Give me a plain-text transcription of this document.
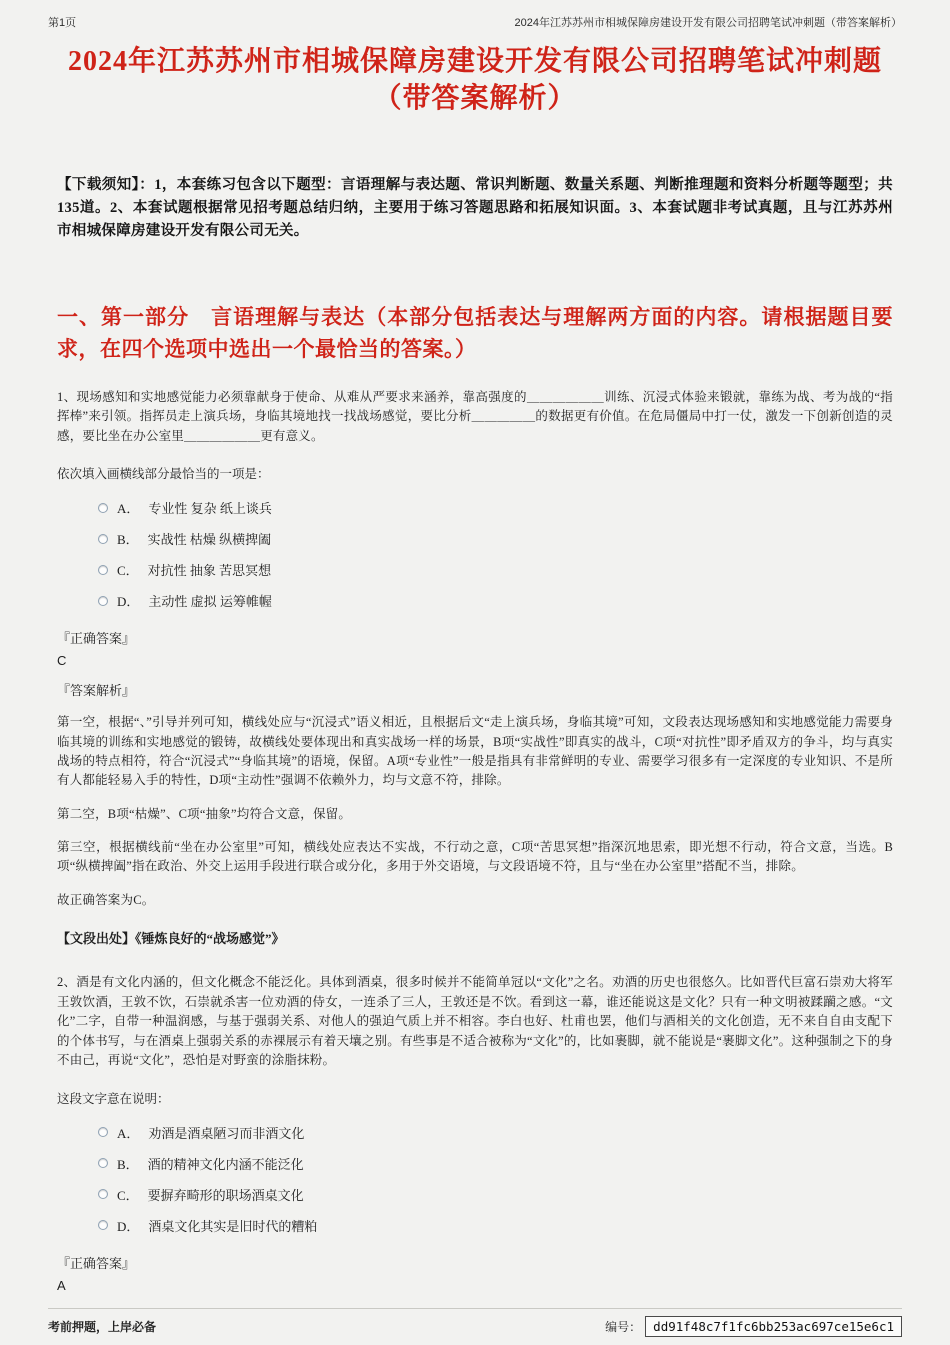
第1页	2024年江苏苏州市相城保障房建设开发有限公司招聘笔试冲刺题（带答案解析）
2024年江苏苏州市相城保障房建设开发有限公司招聘笔试冲刺题（带答案解析）

【下载须知】：1，本套练习包含以下题型：言语理解与表达题、常识判断题、数量关系题、判断推理题和资料分析题等题型；共135道。2、本套试题根据常见招考题总结归纳，主要用于练习答题思路和拓展知识面。3、本套试题非考试真题，且与江苏苏州市相城保障房建设开发有限公司无关。

一、第一部分　言语理解与表达（本部分包括表达与理解两方面的内容。请根据题目要求，在四个选项中选出一个最恰当的答案。）

1、现场感知和实地感觉能力必须靠献身于使命、从难从严要求来涵养，靠高强度的＿＿＿＿＿＿训练、沉浸式体验来锻就，靠练为战、考为战的“指挥棒”来引领。指挥员走上演兵场，身临其境地找一找战场感觉，要比分析＿＿＿＿＿的数据更有价值。在危局僵局中打一仗，激发一下创新创造的灵感，要比坐在办公室里＿＿＿＿＿＿更有意义。

依次填入画横线部分最恰当的一项是：

A． 专业性 复杂 纸上谈兵
B． 实战性 枯燥 纵横捭阖
C． 对抗性 抽象 苦思冥想
D． 主动性 虚拟 运筹帷幄

『正确答案』

C

『答案解析』

第一空，根据“、”引导并列可知，横线处应与“沉浸式”语义相近，且根据后文“走上演兵场，身临其境”可知，文段表达现场感知和实地感觉能力需要身临其境的训练和实地感觉的锻铸，故横线处要体现出和真实战场一样的场景，B项“实战性”即真实的战斗，C项“对抗性”即矛盾双方的争斗，均与真实战场的特点相符，符合“沉浸式”“身临其境”的语境，保留。A项“专业性”一般是指具有非常鲜明的专业、需要学习很多有一定深度的专业知识、不是所有人都能轻易入手的特性，D项“主动性”强调不依赖外力，均与文意不符，排除。

第二空，B项“枯燥”、C项“抽象”均符合文意，保留。

第三空，根据横线前“坐在办公室里”可知，横线处应表达不实战，不行动之意，C项“苦思冥想”指深沉地思索，即光想不行动，符合文意，当选。B项“纵横捭阖”指在政治、外交上运用手段进行联合或分化，多用于外交语境，与文段语境不符，且与“坐在办公室里”搭配不当，排除。

故正确答案为C。

【文段出处】《锤炼良好的“战场感觉”》

2、酒是有文化内涵的，但文化概念不能泛化。具体到酒桌，很多时候并不能简单冠以“文化”之名。劝酒的历史也很悠久。比如晋代巨富石崇劝大将军王敦饮酒，王敦不饮，石崇就杀害一位劝酒的侍女，一连杀了三人，王敦还是不饮。看到这一幕，谁还能说这是文化？只有一种文明被蹂躏之感。“文化”二字，自带一种温润感，与基于强弱关系、对他人的强迫气质上并不相容。李白也好、杜甫也罢，他们与酒相关的文化创造，无不来自自由支配下的个体书写，与在酒桌上强弱关系的赤裸展示有着天壤之别。有些事是不适合被称为“文化”的，比如裹脚，就不能说是“裹脚文化”。这种强制之下的身不由己，再说“文化”，恐怕是对野蛮的涂脂抹粉。

这段文字意在说明：

A． 劝酒是酒桌陋习而非酒文化
B． 酒的精神文化内涵不能泛化
C． 要摒弃畸形的职场酒桌文化
D． 酒桌文化其实是旧时代的糟粕

『正确答案』

A

考前押题，上岸必备	编号： dd91f48c7f1fc6bb253ac697ce15e6c1
